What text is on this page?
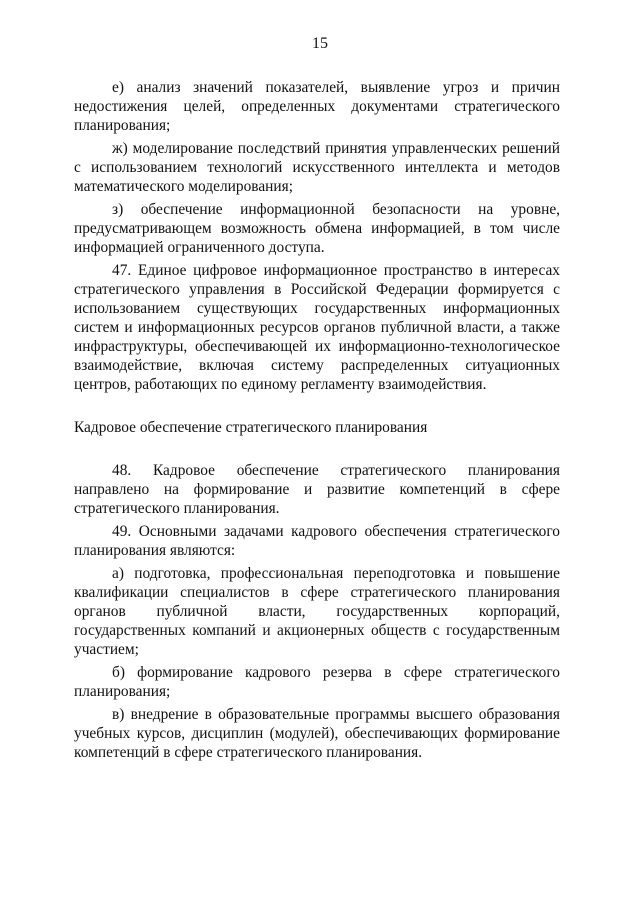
15

е) анализ значений показателей, выявление угроз и причин недостижения целей, определенных документами стратегического планирования;

ж) моделирование последствий принятия управленческих решений с использованием технологий искусственного интеллекта и методов математического моделирования;

з) обеспечение информационной безопасности на уровне, предусматривающем возможность обмена информацией, в том числе информацией ограниченного доступа.

47. Единое цифровое информационное пространство в интересах стратегического управления в Российской Федерации формируется с использованием существующих государственных информационных систем и информационных ресурсов органов публичной власти, а также инфраструктуры, обеспечивающей их информационно-технологическое взаимодействие, включая систему распределенных ситуационных центров, работающих по единому регламенту взаимодействия.

Кадровое обеспечение стратегического планирования

48. Кадровое обеспечение стратегического планирования направлено на формирование и развитие компетенций в сфере стратегического планирования.

49. Основными задачами кадрового обеспечения стратегического планирования являются:

а) подготовка, профессиональная переподготовка и повышение квалификации специалистов в сфере стратегического планирования органов публичной власти, государственных корпораций, государственных компаний и акционерных обществ с государственным участием;

б) формирование кадрового резерва в сфере стратегического планирования;

в) внедрение в образовательные программы высшего образования учебных курсов, дисциплин (модулей), обеспечивающих формирование компетенций в сфере стратегического планирования.
